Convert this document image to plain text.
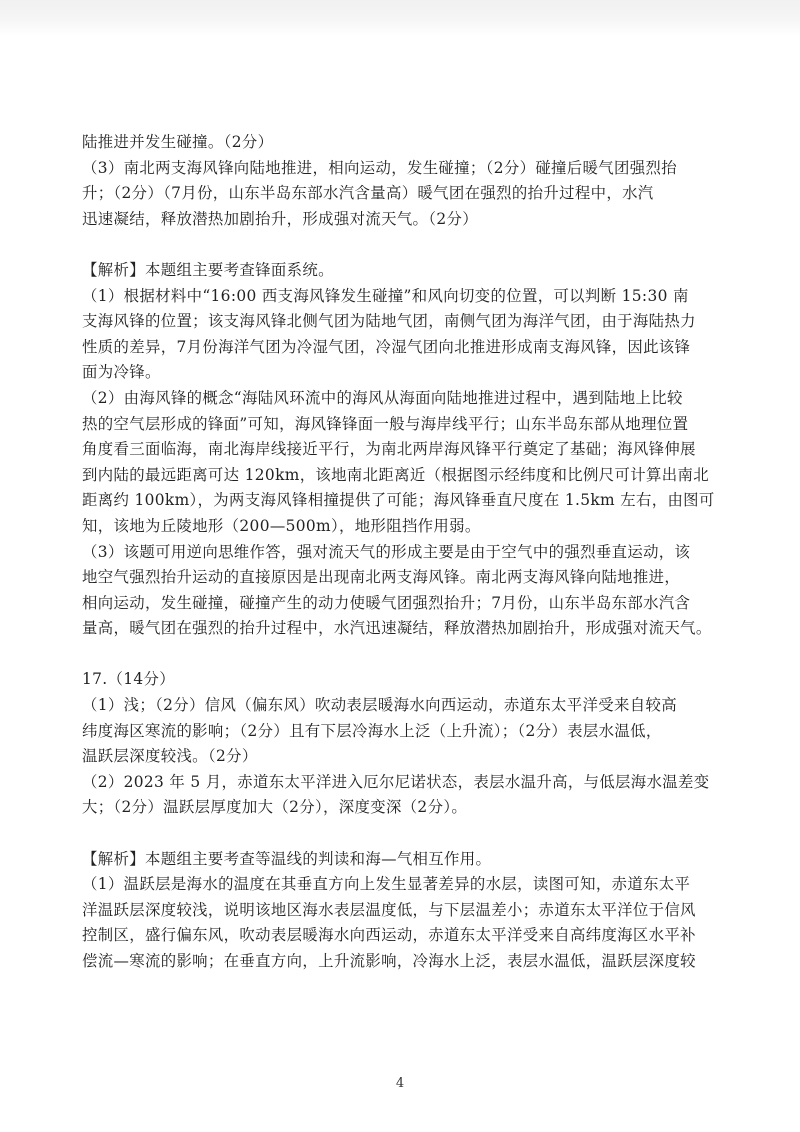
陆推进并发生碰撞。（2分）
（3）南北两支海风锋向陆地推进，相向运动，发生碰撞；（2分）碰撞后暖气团强烈抬
升；（2分）（7月份，山东半岛东部水汽含量高）暖气团在强烈的抬升过程中，水汽
迅速凝结，释放潜热加剧抬升，形成强对流天气。（2分）
【解析】本题组主要考查锋面系统。
（1）根据材料中“16:00 西支海风锋发生碰撞”和风向切变的位置，可以判断 15:30 南
支海风锋的位置；该支海风锋北侧气团为陆地气团，南侧气团为海洋气团，由于海陆热力
性质的差异，7月份海洋气团为冷湿气团，冷湿气团向北推进形成南支海风锋，因此该锋
面为冷锋。
（2）由海风锋的概念“海陆风环流中的海风从海面向陆地推进过程中，遇到陆地上比较
热的空气层形成的锋面”可知，海风锋锋面一般与海岸线平行；山东半岛东部从地理位置
角度看三面临海，南北海岸线接近平行，为南北两岸海风锋平行奠定了基础；海风锋伸展
到内陆的最远距离可达 120km，该地南北距离近（根据图示经纬度和比例尺可计算出南北
距离约 100km），为两支海风锋相撞提供了可能；海风锋垂直尺度在 1.5km 左右，由图可
知，该地为丘陵地形（200—500m），地形阻挡作用弱。
（3）该题可用逆向思维作答，强对流天气的形成主要是由于空气中的强烈垂直运动，该
地空气强烈抬升运动的直接原因是出现南北两支海风锋。南北两支海风锋向陆地推进，
相向运动，发生碰撞，碰撞产生的动力使暖气团强烈抬升；7月份，山东半岛东部水汽含
量高，暖气团在强烈的抬升过程中，水汽迅速凝结，释放潜热加剧抬升，形成强对流天气。
17.（14分）
（1）浅；（2分）信风（偏东风）吹动表层暖海水向西运动，赤道东太平洋受来自较高
纬度海区寒流的影响；（2分）且有下层冷海水上泛（上升流）；（2分）表层水温低，
温跃层深度较浅。（2分）
（2）2023 年 5 月，赤道东太平洋进入厄尔尼诺状态，表层水温升高，与低层海水温差变
大；（2分）温跃层厚度加大（2分），深度变深（2分）。
【解析】本题组主要考查等温线的判读和海—气相互作用。
（1）温跃层是海水的温度在其垂直方向上发生显著差异的水层，读图可知，赤道东太平
洋温跃层深度较浅，说明该地区海水表层温度低，与下层温差小；赤道东太平洋位于信风
控制区，盛行偏东风，吹动表层暖海水向西运动，赤道东太平洋受来自高纬度海区水平补
偿流—寒流的影响；在垂直方向，上升流影响，冷海水上泛，表层水温低，温跃层深度较
4
